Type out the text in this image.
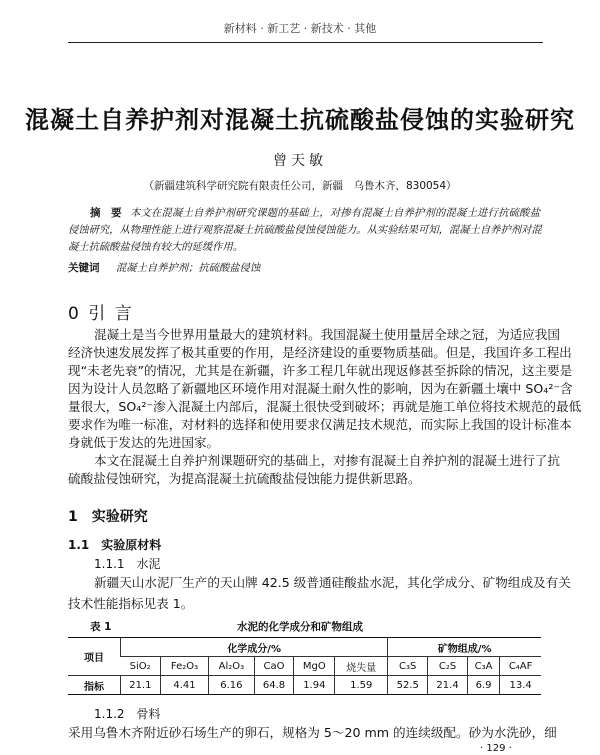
新材料 · 新工艺 · 新技术 · 其他
混凝土自养护剂对混凝土抗硫酸盐侵蚀的实验研究
曾天敏
（新疆建筑科学研究院有限责任公司，新疆　乌鲁木齐，830054）
摘　要 本文在混凝土自养护剂研究课题的基础上，对掺有混凝土自养护剂的混凝土进行抗硫酸盐
侵蚀研究，从物理性能上进行观察混凝土抗硫酸盐侵蚀侵蚀能力。从实验结果可知，混凝土自养护剂对混
凝土抗硫酸盐侵蚀有较大的延缓作用。
关键词 混凝土自养护剂；抗硫酸盐侵蚀
0 引 言
混凝土是当今世界用量最大的建筑材料。我国混凝土使用量居全球之冠，为适应我国
经济快速发展发挥了极其重要的作用，是经济建设的重要物质基础。但是，我国许多工程出
现“未老先衰”的情况，尤其是在新疆，许多工程几年就出现返修甚至拆除的情况，这主要是
因为设计人员忽略了新疆地区环境作用对混凝土耐久性的影响，因为在新疆土壤中 SO₄²⁻含
量很大，SO₄²⁻渗入混凝土内部后，混凝土很快受到破坏；再就是施工单位将技术规范的最低
要求作为唯一标准，对材料的选择和使用要求仅满足技术规范，而实际上我国的设计标准本
身就低于发达的先进国家。
本文在混凝土自养护剂课题研究的基础上，对掺有混凝土自养护剂的混凝土进行了抗
硫酸盐侵蚀研究，为提高混凝土抗硫酸盐侵蚀能力提供新思路。
1　实验研究
1.1　实验原材料
1.1.1　水泥
新疆天山水泥厂生产的天山牌 42.5 级普通硅酸盐水泥，其化学成分、矿物组成及有关
技术性能指标见表 1。
表 1	水泥的化学成分和矿物组成
项目	化学成分/%						矿物组成/%			
	SiO₂	Fe₂O₃	Al₂O₃	CaO	MgO	烧失量	C₃S	C₂S	C₃A	C₄AF
指标	21.1	4.41	6.16	64.8	1.94	1.59	52.5	21.4	6.9	13.4
1.1.2　骨料
采用乌鲁木齐附近砂石场生产的卵石，规格为 5～20 mm 的连续级配。砂为水洗砂，细
· 129 ·
